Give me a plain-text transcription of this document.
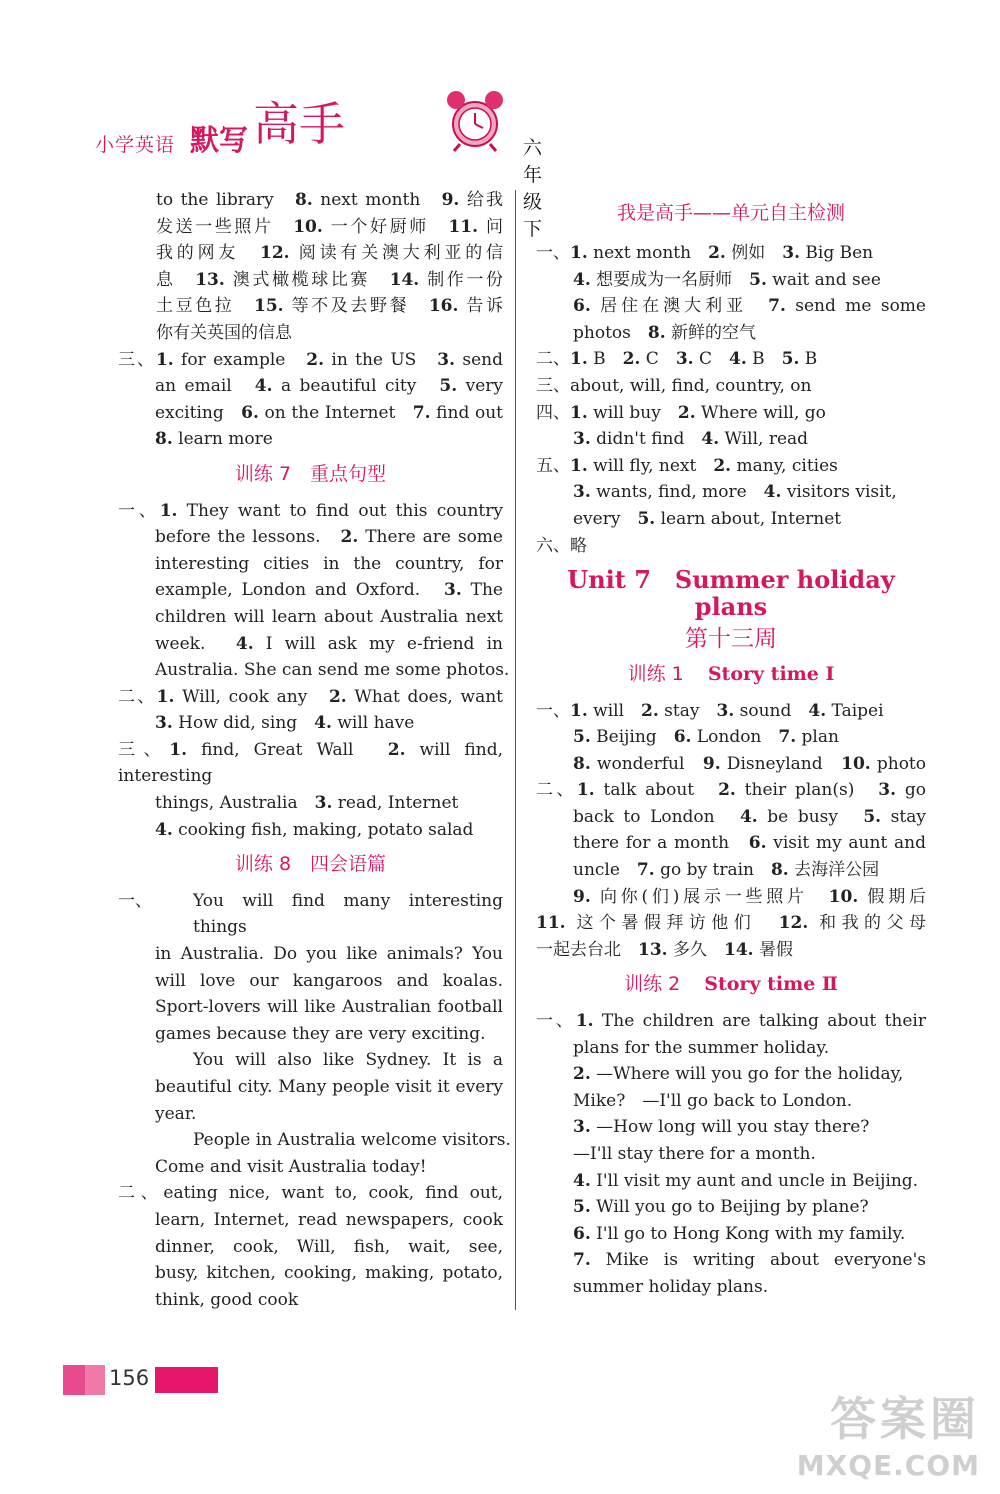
小学英语 默写 高手	六年级下
to the library　8. next month　9. 给我
发送一些照片　10. 一个好厨师　11. 问
我的网友　12. 阅读有关澳大利亚的信
息　13. 澳式橄榄球比赛　14. 制作一份
土豆色拉　15. 等不及去野餐　16. 告诉
你有关英国的信息
三、1. for example　2. in the US　3. send
an email　4. a beautiful city　5. very
exciting　6. on the Internet　7. find out
8. learn more
训练 7　重点句型
一、1. They want to find out this country
before the lessons.　2. There are some
interesting cities in the country, for
example, London and Oxford.　3. The
children will learn about Australia next
week.　4. I will ask my e-friend in
Australia. She can send me some photos.
二、1. Will, cook any　2. What does, want
3. How did, sing　4. will have
三、1. find, Great Wall　2. will find, interesting
things, Australia　3. read, Internet
4. cooking fish, making, potato salad
训练 8　四会语篇
一、	You will find many interesting things
in Australia. Do you like animals? You
will love our kangaroos and koalas.
Sport-lovers will like Australian football
games because they are very exciting.
You will also like Sydney. It is a
beautiful city. Many people visit it every
year.
People in Australia welcome visitors.
Come and visit Australia today!
二、eating nice, want to, cook, find out,
learn, Internet, read newspapers, cook
dinner, cook, Will, fish, wait, see,
busy, kitchen, cooking, making, potato,
think, good cook
我是高手——单元自主检测
一、1. next month　2. 例如　3. Big Ben
4. 想要成为一名厨师　5. wait and see
6. 居住在澳大利亚　7. send me some
photos　8. 新鲜的空气
二、1. B　2. C　3. C　4. B　5. B
三、about, will, find, country, on
四、1. will buy　2. Where will, go
3. didn't find　4. Will, read
五、1. will fly, next　2. many, cities
3. wants, find, more　4. visitors visit,
every　5. learn about, Internet
六、略
Unit 7　Summer holiday plans
第十三周
训练 1 Story time Ⅰ
一、1. will　2. stay　3. sound　4. Taipei
5. Beijing　6. London　7. plan
8. wonderful　9. Disneyland　10. photo
二、1. talk about　2. their plan(s)　3. go
back to London　4. be busy　5. stay
there for a month　6. visit my aunt and
uncle　7. go by train　8. 去海洋公园
9. 向你(们)展示一些照片　10. 假期后
11. 这个暑假拜访他们　12. 和我的父母
一起去台北　13. 多久　14. 暑假
训练 2 Story time Ⅱ
一、1. The children are talking about their
plans for the summer holiday.
2. —Where will you go for the holiday,
Mike?　—I'll go back to London.
3. —How long will you stay there?
—I'll stay there for a month.
4. I'll visit my aunt and uncle in Beijing.
5. Will you go to Beijing by plane?
6. I'll go to Hong Kong with my family.
7. Mike is writing about everyone's
summer holiday plans.
156
答案圈
MXQE.COM
